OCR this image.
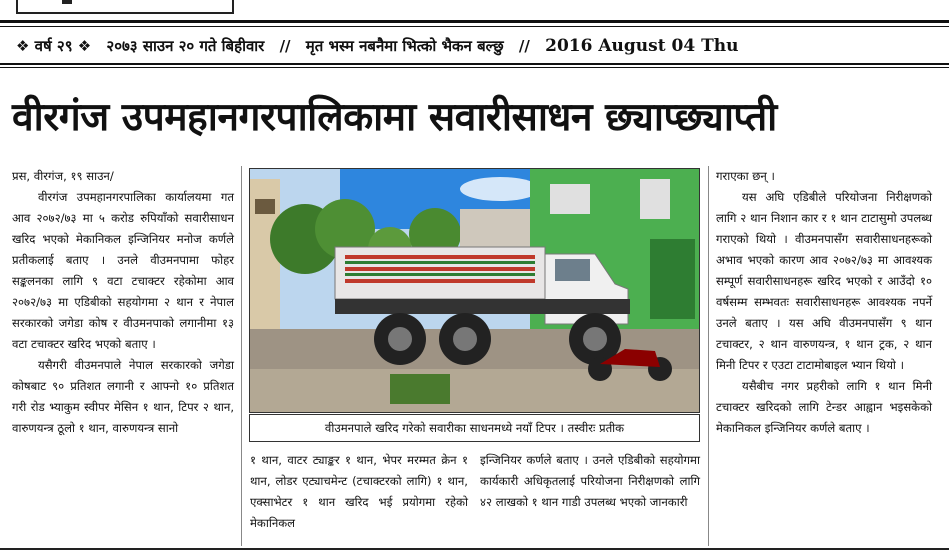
❖ वर्ष २९ ❖ २०७३ साउन २० गते बिहीवार // मृत भस्म नबनेैमा भित्को भैकन बल्छु // 2016 August 04 Thu
वीरगंज उपमहानगरपालिकामा सवारीसाधन छ्याप्छ्याप्ती

प्रस, वीरगंज, १९ साउन/

वीरगंज उपमहानगरपालिका कार्यालयमा गत आव २०७२/७३ मा ५ करोड रुपियाँको सवारीसाधन खरिद भएको मेकानिकल इन्जिनियर मनोज कर्णले प्रतीकलाई बताए । उनले वीउमनपामा फोहर सङ्कलनका लागि ९ वटा टचाक्टर रहेकोमा आव २०७२/७३ मा एडिबीको सहयोगमा २ थान र नेपाल सरकारको जगेडा कोष र वीउमनपाको लगानीमा १३ वटा टचाक्टर खरिद भएको बताए ।

यसैगरी वीउमनपाले नेपाल सरकारको जगेडा कोषबाट ९० प्रतिशत लगानी र आफ्नो १० प्रतिशत गरी रोड भ्याकुम स्वीपर मेसिन १ थान, टिपर २ थान, वारुणयन्त्र ठूलो १ थान, वारुणयन्त्र सानो	वीउमनपाले खरिद गरेको सवारीका साधनमध्ये नयाँ टिपर । तस्वीरः प्रतीक
१ थान, वाटर ट्याङ्कर १ थान, भेपर मरम्मत क्रेन १ थान, लोडर एट्याचमेन्ट (टचाक्टरको लागि) १ थान, एक्साभेटर १ थान खरिद भई प्रयोगमा रहेको मेकानिकल
इन्जिनियर कर्णले बताए । उनले एडिबीको सहयोगमा कार्यकारी अधिकृतलाई परियोजना निरीक्षणको लागि ४२ लाखको १ थान गाडी उपलब्ध भएको जानकारी

गराएका छन् ।

यस अघि एडिबीले परियोजना निरीक्षणको लागि २ थान निशान कार र १ थान टाटासुमो उपलब्ध गराएको थियो । वीउमनपासँग सवारीसाधनहरूको अभाव भएको कारण आव २०७२/७३ मा आवश्यक सम्पूर्ण सवारीसाधनहरू खरिद भएको र आउँदो १० वर्षसम्म सम्भवतः सवारीसाधनहरू आवश्यक नपर्ने उनले बताए । यस अघि वीउमनपासँग ९ थान टचाक्टर, २ थान वारुणयन्त्र, १ थान ट्रक, २ थान मिनी टिपर र एउटा टाटामोबाइल भ्यान थियो ।

यसैबीच नगर प्रहरीको लागि १ थान मिनी टचाक्टर खरिदको लागि टेन्डर आह्वान भइसकेको मेकानिकल इन्जिनियर कर्णले बताए ।
